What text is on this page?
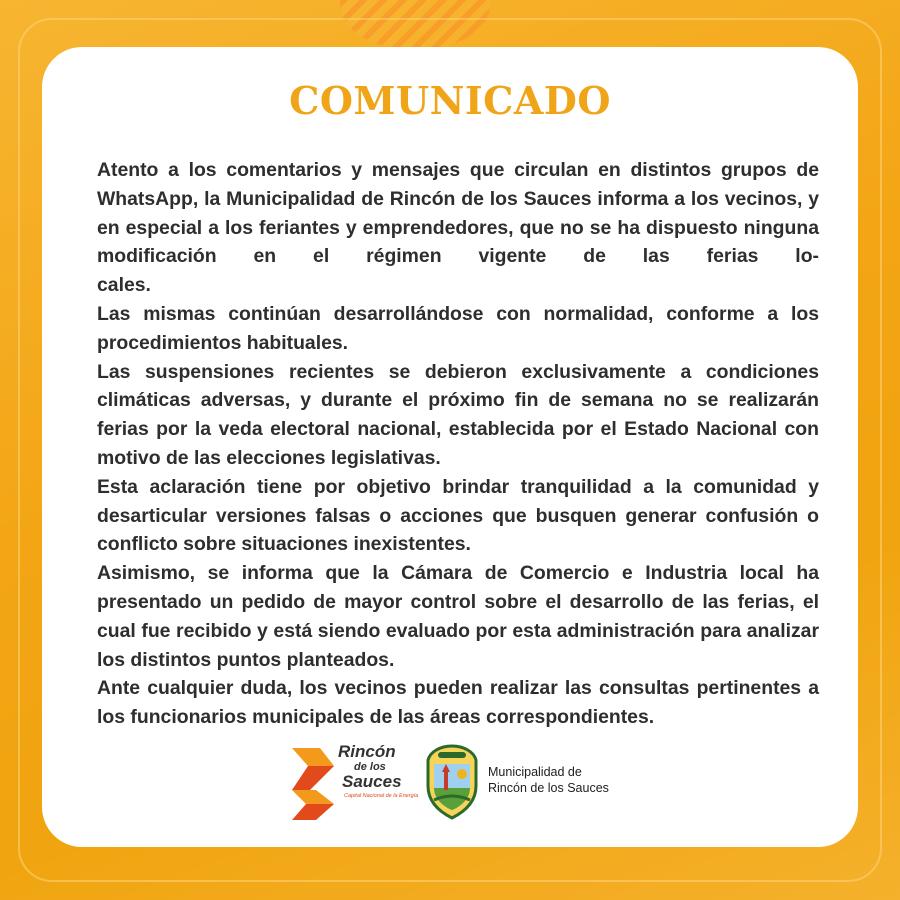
COMUNICADO

Atento a los comentarios y mensajes que circulan en distintos grupos de WhatsApp, la Municipalidad de Rincón de los Sauces informa a los vecinos, y en especial a los feriantes y emprendedores, que no se ha dispuesto ninguna modificación en el régimen vigente de las ferias lo-

cales.

Las mismas continúan desarrollándose con normalidad, conforme a los procedimientos habituales.

Las suspensiones recientes se debieron exclusivamente a condiciones climáticas adversas, y durante el próximo fin de semana no se realizarán ferias por la veda electoral nacional, establecida por el Estado Nacional con motivo de las elecciones legislativas.

Esta aclaración tiene por objetivo brindar tranquilidad a la comunidad y desarticular versiones falsas o acciones que busquen generar confusión o conflicto sobre situaciones inexistentes.

Asimismo, se informa que la Cámara de Comercio e Industria local ha presentado un pedido de mayor control sobre el desarrollo de las ferias, el cual fue recibido y está siendo evaluado por esta administración para analizar los distintos puntos planteados.

Ante cualquier duda, los vecinos pueden realizar las consultas pertinentes a los funcionarios municipales de las áreas correspondientes.

Rincón
de los
Sauces
Capital Nacional de la Energía
Municipalidad de
Rincón de los Sauces
